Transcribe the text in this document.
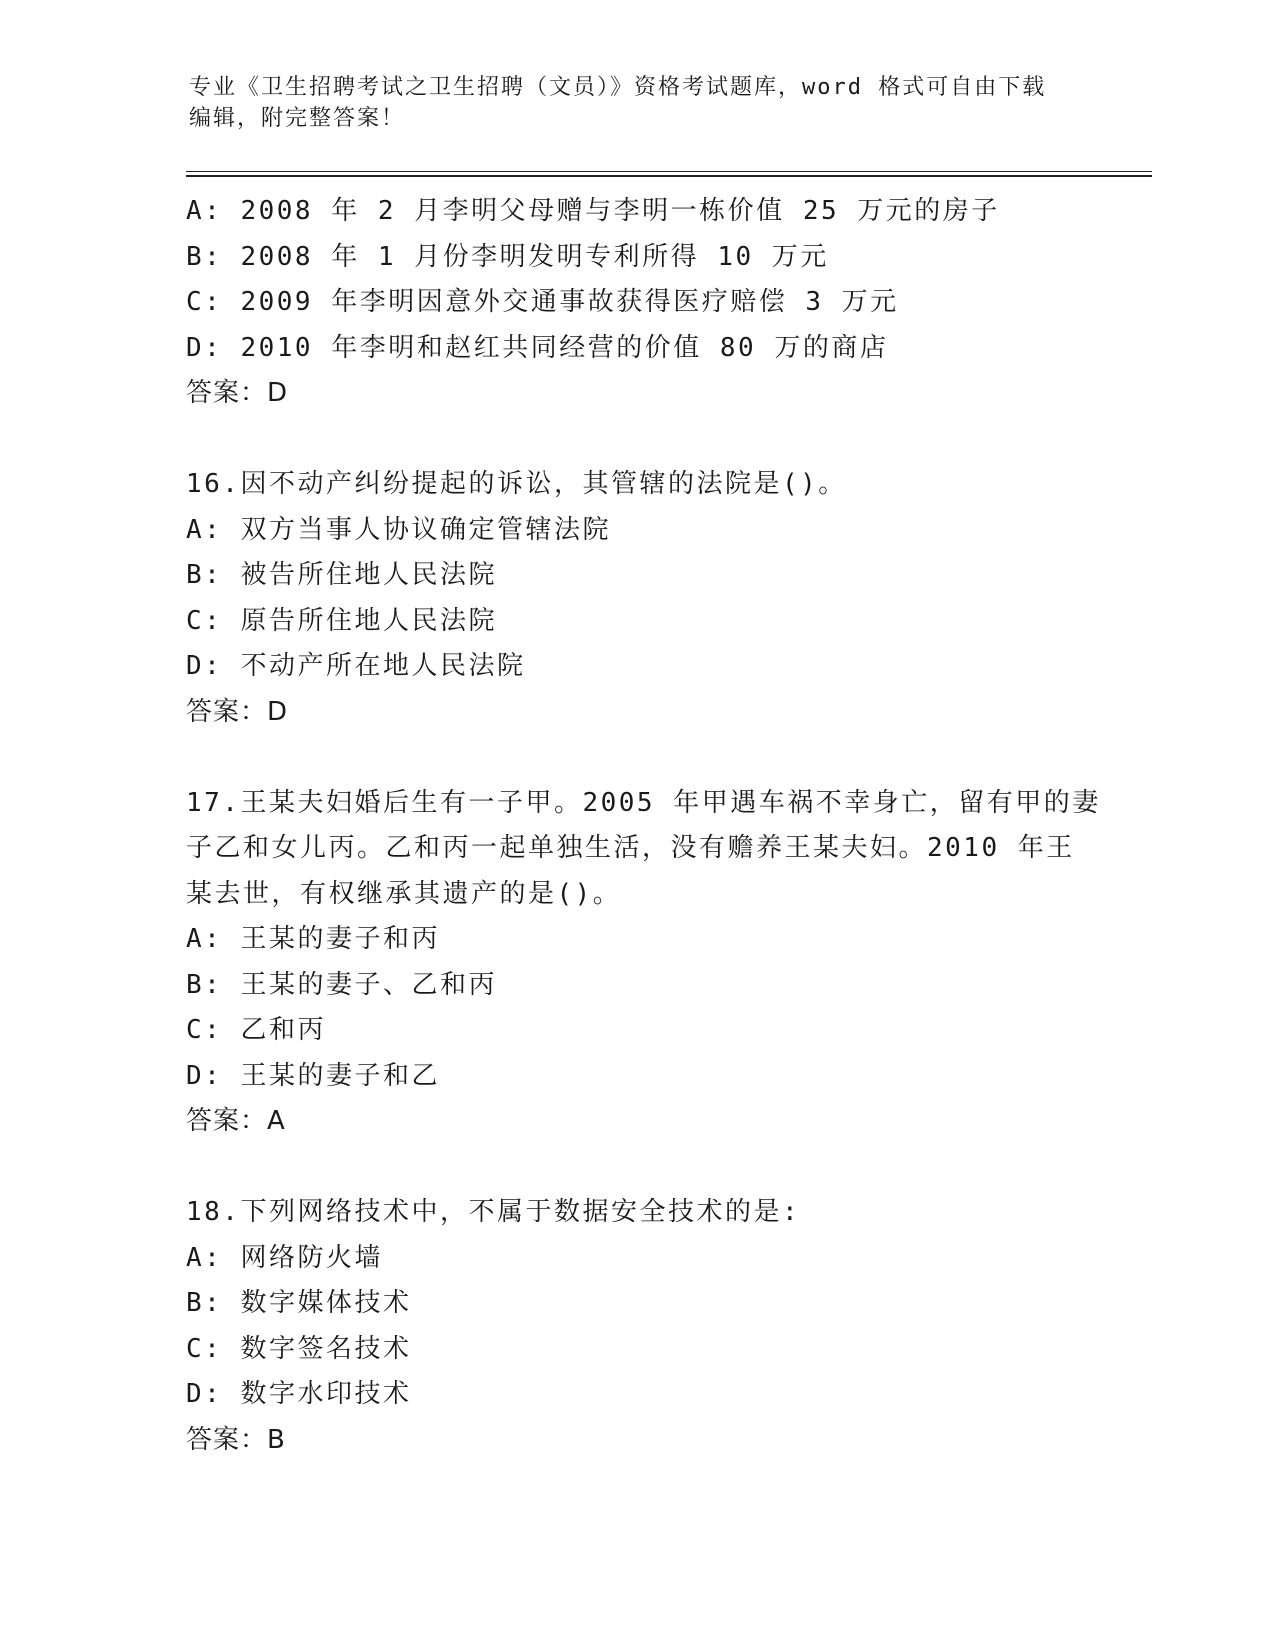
专业《卫生招聘考试之卫生招聘（文员）》资格考试题库，word 格式可自由下载
编辑，附完整答案！
A: 2008 年 2 月李明父母赠与李明一栋价值 25 万元的房子
B: 2008 年 1 月份李明发明专利所得 10 万元
C: 2009 年李明因意外交通事故获得医疗赔偿 3 万元
D: 2010 年李明和赵红共同经营的价值 80 万的商店
答案：D
16.因不动产纠纷提起的诉讼，其管辖的法院是()。
A: 双方当事人协议确定管辖法院
B: 被告所住地人民法院
C: 原告所住地人民法院
D: 不动产所在地人民法院
答案：D
17.王某夫妇婚后生有一子甲。2005 年甲遇车祸不幸身亡，留有甲的妻
子乙和女儿丙。乙和丙一起单独生活，没有赡养王某夫妇。2010 年王
某去世，有权继承其遗产的是()。
A: 王某的妻子和丙
B: 王某的妻子、乙和丙
C: 乙和丙
D: 王某的妻子和乙
答案：A
18.下列网络技术中，不属于数据安全技术的是:
A: 网络防火墙
B: 数字媒体技术
C: 数字签名技术
D: 数字水印技术
答案：B
